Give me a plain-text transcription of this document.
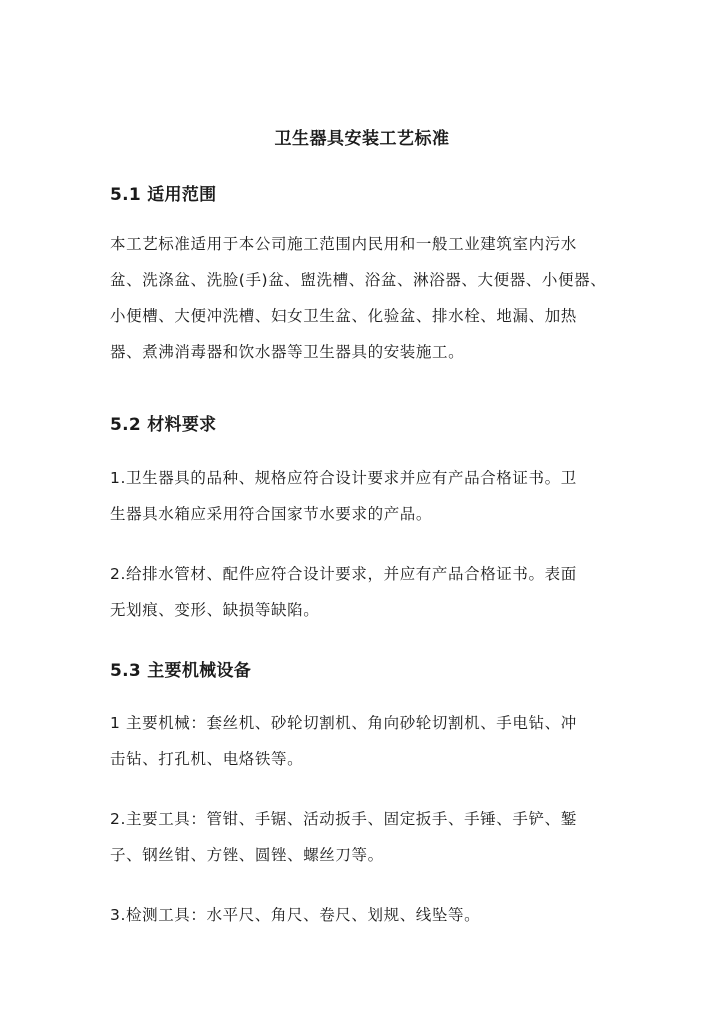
卫生器具安装工艺标准
5.1 适用范围
本工艺标准适用于本公司施工范围内民用和一般工业建筑室内污水
盆、洗涤盆、洗脸(手)盆、盥洗槽、浴盆、淋浴器、大便器、小便器、
小便槽、大便冲洗槽、妇女卫生盆、化验盆、排水栓、地漏、加热
器、煮沸消毒器和饮水器等卫生器具的安装施工。
5.2 材料要求
1.卫生器具的品种、规格应符合设计要求并应有产品合格证书。卫
生器具水箱应采用符合国家节水要求的产品。
2.给排水管材、配件应符合设计要求，并应有产品合格证书。表面
无划痕、变形、缺损等缺陷。
5.3 主要机械设备
1 主要机械：套丝机、砂轮切割机、角向砂轮切割机、手电钻、冲
击钻、打孔机、电烙铁等。
2.主要工具：管钳、手锯、活动扳手、固定扳手、手锤、手铲、錾
子、钢丝钳、方锉、圆锉、螺丝刀等。
3.检测工具：水平尺、角尺、卷尺、划规、线坠等。
